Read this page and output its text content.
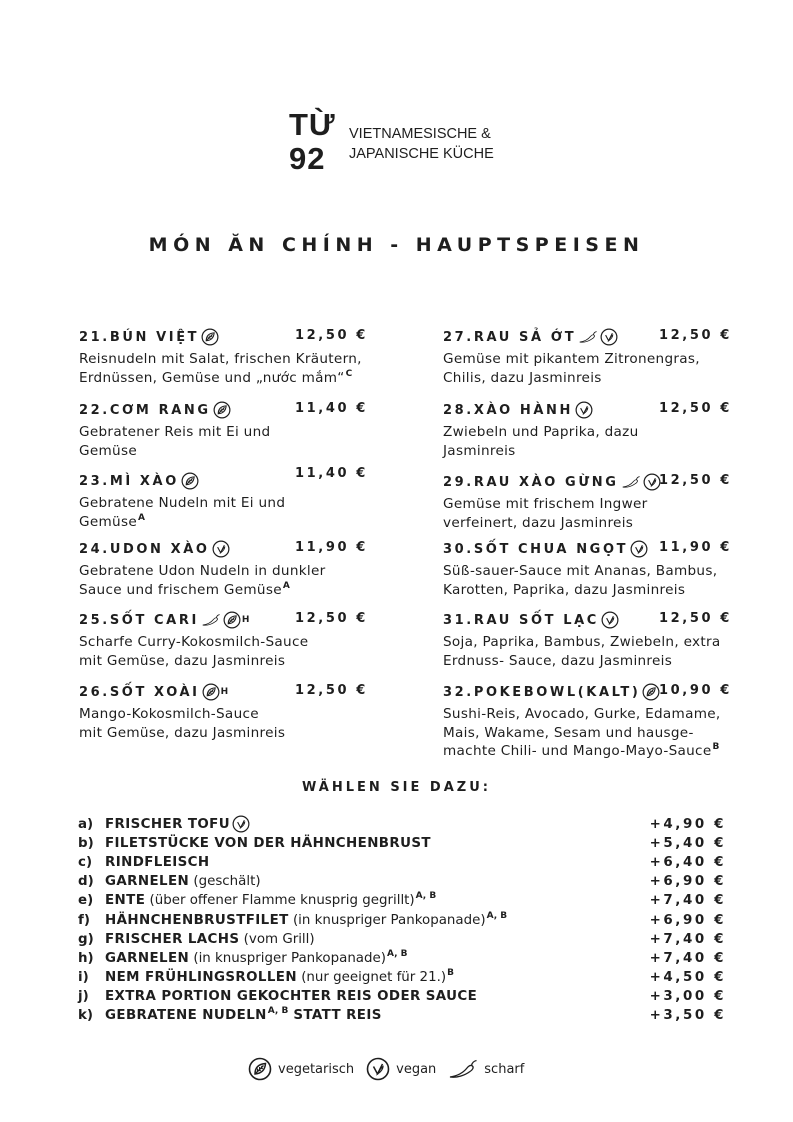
TỪ
92
VIETNAMESISCHE &
JAPANISCHE KÜCHE
MÓN ĂN CHÍNH - HAUPTSPEISEN
21.BÚN VIỆT	12,50 €
Reisnudeln mit Salat, frischen Kräutern,
Erdnüssen, Gemüse und „nước mắm“$^C$
22.CƠM RANG	11,40 €
Gebratener Reis mit Ei und
Gemüse
23.MÌ XÀO	11,40 €
Gebratene Nudeln mit Ei und
Gemüse$^A$
24.UDON XÀO	11,90 €
Gebratene Udon Nudeln in dunkler
Sauce und frischem Gemüse$^A$
25.SỐT CARI	H	12,50 €
Scharfe Curry-Kokosmilch-Sauce
mit Gemüse, dazu Jasminreis
26.SỐT XOÀI H	12,50 €
Mango-Kokosmilch-Sauce
mit Gemüse, dazu Jasminreis
27.RAU SẢ ỚT	12,50 €
Gemüse mit pikantem Zitronengras,
Chilis, dazu Jasminreis
28.XÀO HÀNH	12,50 €
Zwiebeln und Paprika, dazu
Jasminreis
29.RAU XÀO GỪNG	12,50 €
Gemüse mit frischem Ingwer
verfeinert, dazu Jasminreis
30.SỐT CHUA NGỌT 11,90 €
Süß-sauer-Sauce mit Ananas, Bambus,
Karotten, Paprika, dazu Jasminreis
31.RAU SỐT LẠC	12,50 €
Soja, Paprika, Bambus, Zwiebeln, extra
Erdnuss- Sauce, dazu Jasminreis
32.POKEBOWL(KALT) 10,90 €
Sushi-Reis, Avocado, Gurke, Edamame,
Mais, Wakame, Sesam und hausge-
machte Chili- und Mango-Mayo-Sauce$^B$
WÄHLEN SIE DAZU:
a) FRISCHER TOFU	+4,90 €
b) FILETSTÜCKE VON DER HÄHNCHENBRUST	+5,40 €
c) RINDFLEISCH	+6,40 €
d) GARNELEN (geschält)	+6,90 €
e) ENTE (über offener Flamme knusprig gegrillt)$^{A, B}$	+7,40 €
f) HÄHNCHENBRUSTFILET (in knuspriger Pankopanade)$^{A, B}$	+6,90 €
g) FRISCHER LACHS (vom Grill)	+7,40 €
h) GARNELEN (in knuspriger Pankopanade)$^{A, B}$	+7,40 €
i) NEM FRÜHLINGSROLLEN (nur geeignet für 21.)$^B$	+4,50 €
j) EXTRA PORTION GEKOCHTER REIS ODER SAUCE	+3,00 €
k) GEBRATENE $NUDELN^{A, B}$ STATT REIS	+3,50 €
vegetarisch	vegan	scharf
